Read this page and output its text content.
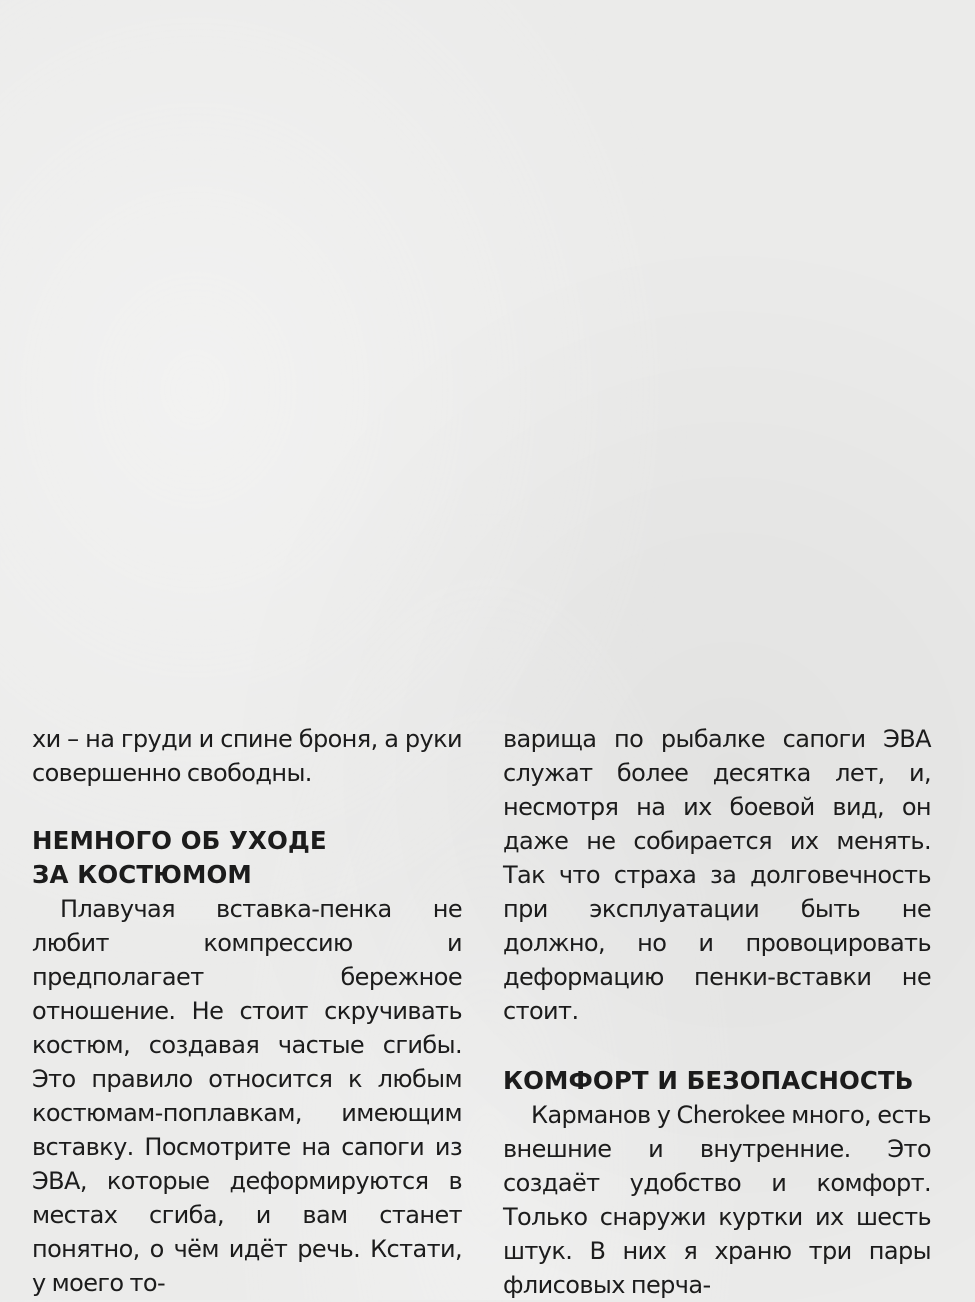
хи – на груди и спине броня, а руки совершенно свободны.

НЕМНОГО ОБ УХОДЕ
ЗА КОСТЮМОМ

Плавучая вставка-пенка не любит компрессию и предполагает бережное отношение. Не стоит скручивать костюм, создавая частые сгибы. Это правило относится к любым костюмам-поплавкам, имеющим вставку. Посмотрите на сапоги из ЭВА, которые деформируются в местах сгиба, и вам станет понятно, о чём идёт речь. Кстати, у моего то-

варища по рыбалке сапоги ЭВА служат более десятка лет, и, несмотря на их боевой вид, он даже не собирается их менять. Так что страха за долговечность при эксплуатации быть не должно, но и провоцировать деформацию пенки-вставки не стоит.

КОМФОРТ И БЕЗОПАСНОСТЬ

Карманов у Cherokee много, есть внешние и внутренние. Это создаёт удобство и комфорт. Только снаружи куртки их шесть штук. В них я храню три пары флисовых перча-
